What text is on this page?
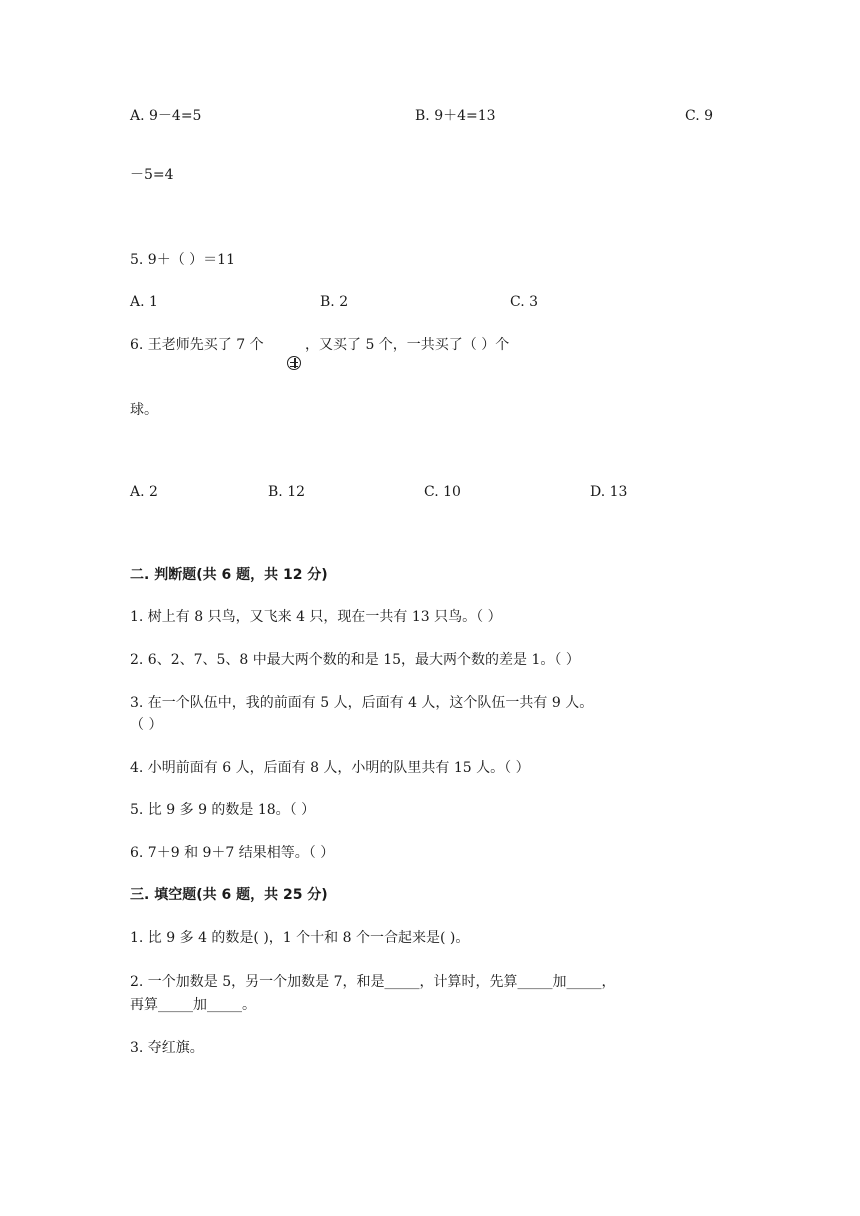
A. 9－4=5	B. 9＋4=13	C. 9
－5=4
5. 9＋（ ）＝11
A. 1	B. 2	C. 3
6. 王老师先买了 7 个	，又买了 5 个，一共买了（ ）个
球。
A. 2	B. 12	C. 10	D. 13
二. 判断题(共 6 题，共 12 分)
1. 树上有 8 只鸟，又飞来 4 只，现在一共有 13 只鸟。（ ）
2. 6、2、7、5、8 中最大两个数的和是 15，最大两个数的差是 1。（ ）
3. 在一个队伍中，我的前面有 5 人，后面有 4 人，这个队伍一共有 9 人。
（ ）
4. 小明前面有 6 人，后面有 8 人，小明的队里共有 15 人。（ ）
5. 比 9 多 9 的数是 18。（ ）
6. 7＋9 和 9＋7 结果相等。（ ）
三. 填空题(共 6 题，共 25 分)
1. 比 9 多 4 的数是( )，1 个十和 8 个一合起来是( )。
2. 一个加数是 5，另一个加数是 7，和是_____，计算时，先算_____加_____，
再算_____加_____。
3. 夺红旗。
